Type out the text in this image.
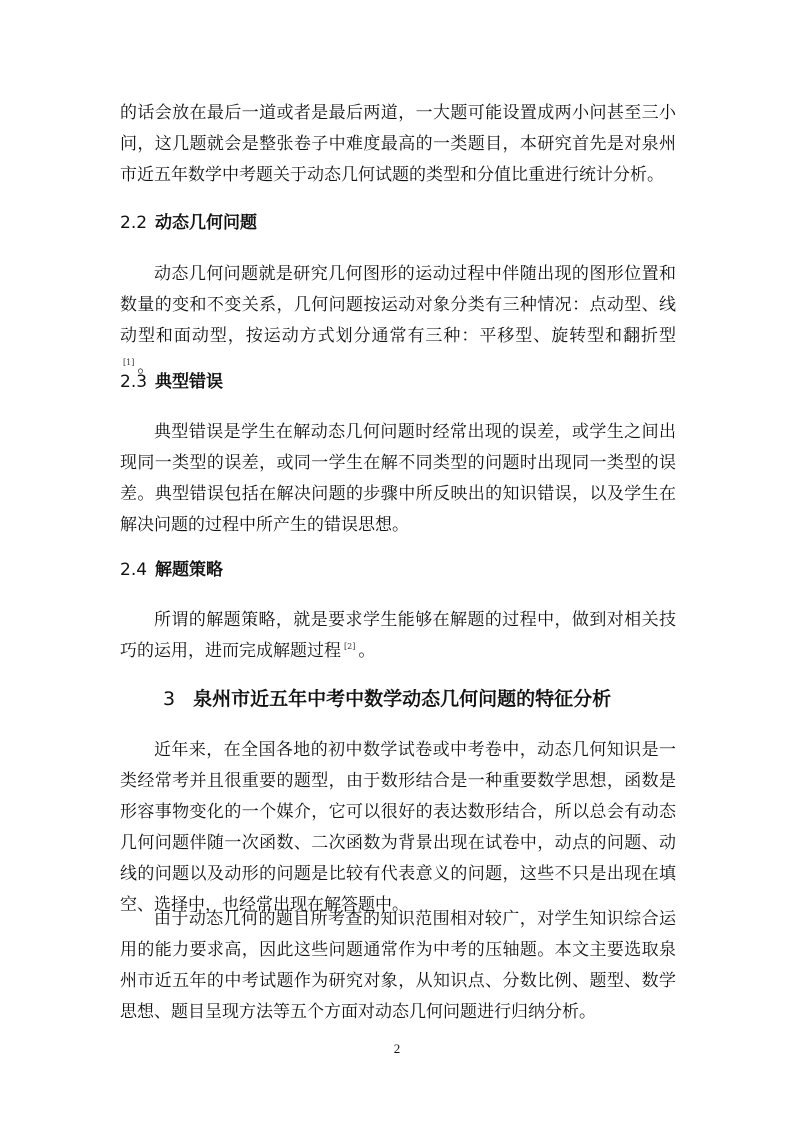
的话会放在最后一道或者是最后两道，一大题可能设置成两小问甚至三小问，这几题就会是整张卷子中难度最高的一类题目，本研究首先是对泉州市近五年数学中考题关于动态几何试题的类型和分值比重进行统计分析。

2.2 动态几何问题

动态几何问题就是研究几何图形的运动过程中伴随出现的图形位置和数量的变和不变关系，几何问题按运动对象分类有三种情况：点动型、线动型和面动型，按运动方式划分通常有三种：平移型、旋转型和翻折型[1] 。

2.3 典型错误

典型错误是学生在解动态几何问题时经常出现的误差，或学生之间出现同一类型的误差，或同一学生在解不同类型的问题时出现同一类型的误差。典型错误包括在解决问题的步骤中所反映出的知识错误，以及学生在解决问题的过程中所产生的错误思想。

2.4 解题策略

所谓的解题策略，就是要求学生能够在解题的过程中，做到对相关技巧的运用，进而完成解题过程 [2] 。

3 泉州市近五年中考中数学动态几何问题的特征分析

近年来，在全国各地的初中数学试卷或中考卷中，动态几何知识是一类经常考并且很重要的题型，由于数形结合是一种重要数学思想，函数是形容事物变化的一个媒介，它可以很好的表达数形结合，所以总会有动态几何问题伴随一次函数、二次函数为背景出现在试卷中，动点的问题、动线的问题以及动形的问题是比较有代表意义的问题，这些不只是出现在填空、选择中，也经常出现在解答题中。

由于动态几何的题目所考查的知识范围相对较广，对学生知识综合运用的能力要求高，因此这些问题通常作为中考的压轴题。本文主要选取泉州市近五年的中考试题作为研究对象，从知识点、分数比例、题型、数学思想、题目呈现方法等五个方面对动态几何问题进行归纳分析。

2
